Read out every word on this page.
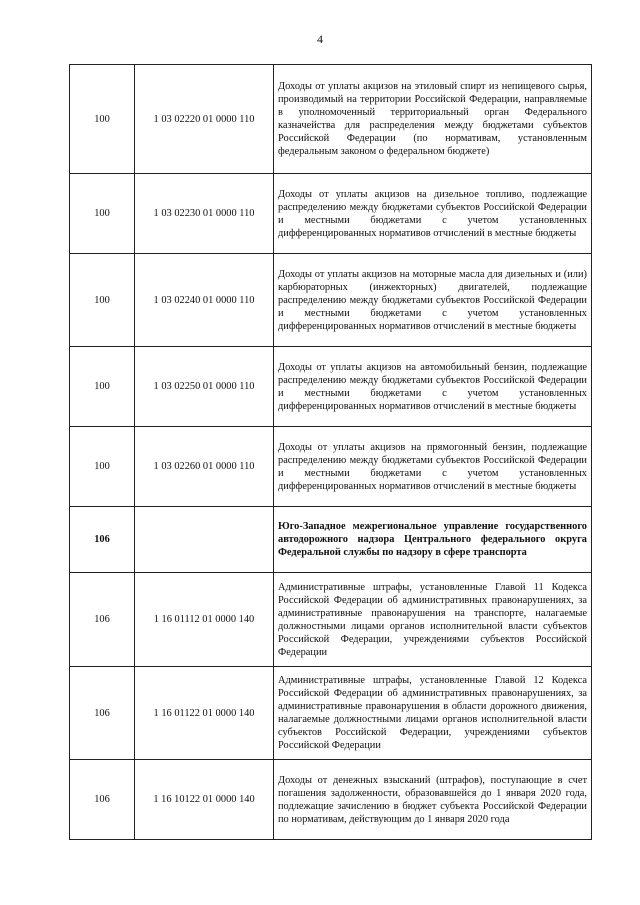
4
100	1 03 02220 01 0000 110	Доходы от уплаты акцизов на этиловый спирт из непищевого сырья, производимый на территории Российской Федерации, направляемые в уполномоченный территориальный орган Федерального казначейства для распределения между бюджетами субъектов Российской Федерации (по нормативам, установленным федеральным законом о федеральном бюджете)
100	1 03 02230 01 0000 110	Доходы от уплаты акцизов на дизельное топливо, подлежащие распределению между бюджетами субъектов Российской Федерации и местными бюджетами с учетом установленных дифференцированных нормативов отчислений в местные бюджеты
100	1 03 02240 01 0000 110	Доходы от уплаты акцизов на моторные масла для дизельных и (или) карбюраторных (инжекторных) двигателей, подлежащие распределению между бюджетами субъектов Российской Федерации и местными бюджетами с учетом установленных дифференцированных нормативов отчислений в местные бюджеты
100	1 03 02250 01 0000 110	Доходы от уплаты акцизов на автомобильный бензин, подлежащие распределению между бюджетами субъектов Российской Федерации и местными бюджетами с учетом установленных дифференцированных нормативов отчислений в местные бюджеты
100	1 03 02260 01 0000 110	Доходы от уплаты акцизов на прямогонный бензин, подлежащие распределению между бюджетами субъектов Российской Федерации и местными бюджетами с учетом установленных дифференцированных нормативов отчислений в местные бюджеты
106		Юго-Западное межрегиональное управление государственного автодорожного надзора Центрального федерального округа Федеральной службы по надзору в сфере транспорта
106	1 16 01112 01 0000 140	Административные штрафы, установленные Главой 11 Кодекса Российской Федерации об административных правонарушениях, за административные правонарушения на транспорте, налагаемые должностными лицами органов исполнительной власти субъектов Российской Федерации, учреждениями субъектов Российской Федерации
106	1 16 01122 01 0000 140	Административные штрафы, установленные Главой 12 Кодекса Российской Федерации об административных правонарушениях, за административные правонарушения в области дорожного движения, налагаемые должностными лицами органов исполнительной власти субъектов Российской Федерации, учреждениями субъектов Российской Федерации
106	1 16 10122 01 0000 140	Доходы от денежных взысканий (штрафов), поступающие в счет погашения задолженности, образовавшейся до 1 января 2020 года, подлежащие зачислению в бюджет субъекта Российской Федерации по нормативам, действующим до 1 января 2020 года
